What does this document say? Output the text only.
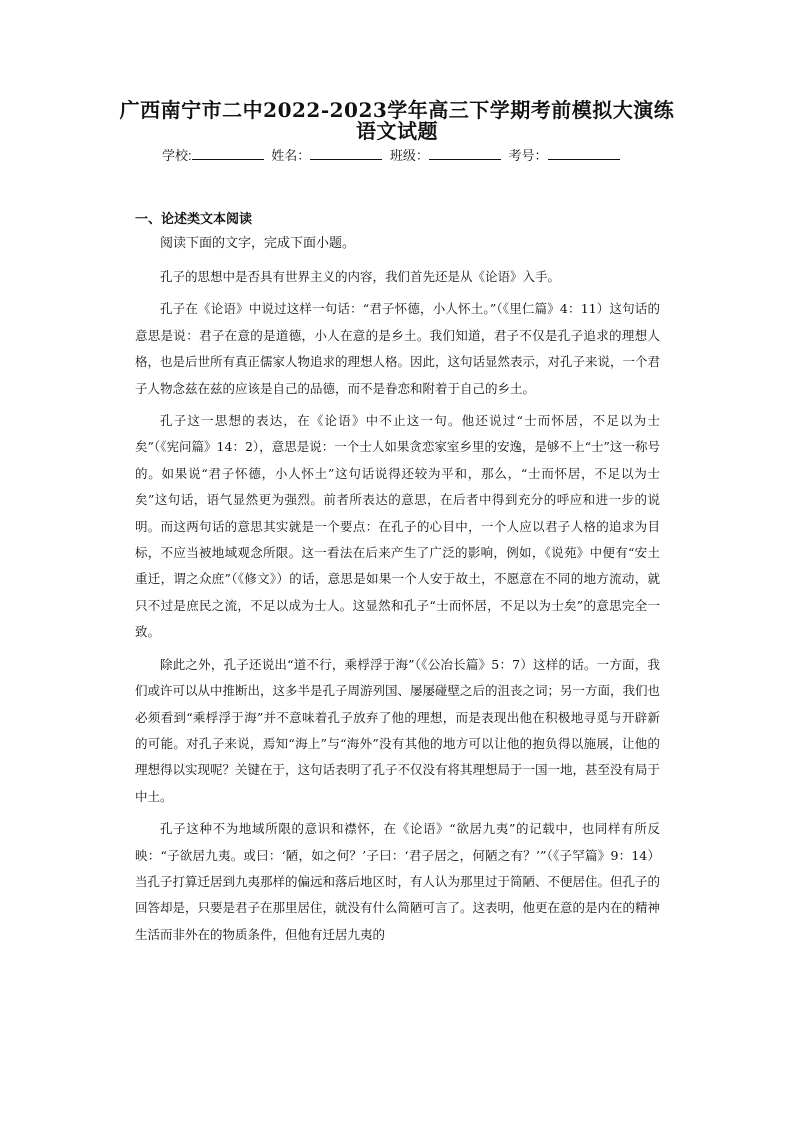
广西南宁市二中2022-2023学年高三下学期考前模拟大演练
语文试题
学校:	姓名：	班级：	考号：
一、论述类文本阅读
阅读下面的文字，完成下面小题。

孔子的思想中是否具有世界主义的内容，我们首先还是从《论语》入手。

孔子在《论语》中说过这样一句话：“君子怀德，小人怀土。”（《里仁篇》4：11）这句话的意思是说：君子在意的是道德，小人在意的是乡土。我们知道，君子不仅是孔子追求的理想人格，也是后世所有真正儒家人物追求的理想人格。因此，这句话显然表示，对孔子来说，一个君子人物念兹在兹的应该是自己的品德，而不是眷恋和附着于自己的乡土。

孔子这一思想的表达，在《论语》中不止这一句。他还说过“士而怀居，不足以为士矣”（《宪问篇》14：2），意思是说：一个士人如果贪恋家室乡里的安逸，是够不上“士”这一称号的。如果说“君子怀德，小人怀土”这句话说得还较为平和，那么，“士而怀居，不足以为士矣”这句话，语气显然更为强烈。前者所表达的意思，在后者中得到充分的呼应和进一步的说明。而这两句话的意思其实就是一个要点：在孔子的心目中，一个人应以君子人格的追求为目标，不应当被地域观念所限。这一看法在后来产生了广泛的影响，例如，《说苑》中便有“安土重迁，谓之众庶”（《修文》）的话，意思是如果一个人安于故土，不愿意在不同的地方流动，就只不过是庶民之流，不足以成为士人。这显然和孔子“士而怀居，不足以为士矣”的意思完全一致。

除此之外，孔子还说出“道不行，乘桴浮于海”（《公冶长篇》5：7）这样的话。一方面，我们或许可以从中推断出，这多半是孔子周游列国、屡屡碰壁之后的沮丧之词；另一方面，我们也必须看到“乘桴浮于海”并不意味着孔子放弃了他的理想，而是表现出他在积极地寻觅与开辟新的可能。对孔子来说，焉知“海上”与“海外”没有其他的地方可以让他的抱负得以施展，让他的理想得以实现呢？关键在于，这句话表明了孔子不仅没有将其理想局于一国一地，甚至没有局于中土。

孔子这种不为地域所限的意识和襟怀，在《论语》“欲居九夷”的记载中，也同样有所反映：“子欲居九夷。或曰：‘陋，如之何？’子曰：‘君子居之，何陋之有？’”（《子罕篇》9：14）当孔子打算迁居到九夷那样的偏远和落后地区时，有人认为那里过于简陋、不便居住。但孔子的回答却是，只要是君子在那里居住，就没有什么简陋可言了。这表明，他更在意的是内在的精神生活而非外在的物质条件，但他有迁居九夷的
